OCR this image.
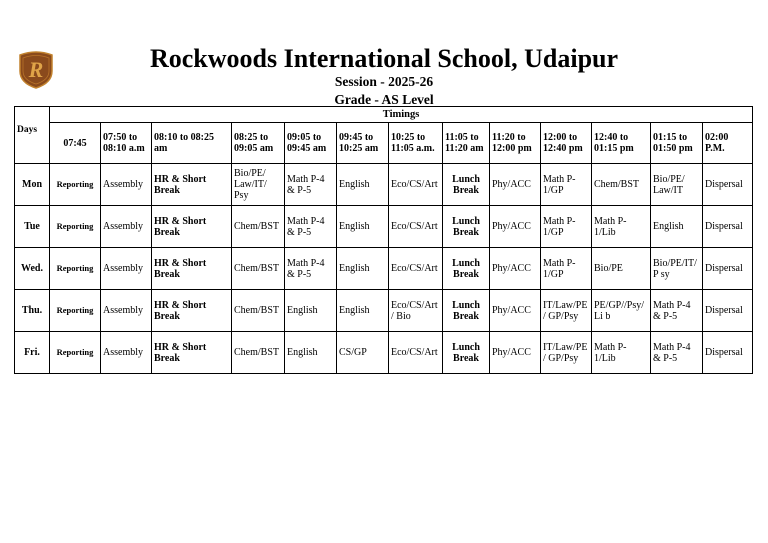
R	Rockwoods International School, Udaipur
Session - 2025-26
Grade - AS Level
Days	Timings												
	07:45	07:50 to 08:10 a.m	08:10 to 08:25 am	08:25 to 09:05 am	09:05 to 09:45 am	09:45 to 10:25 am	10:25 to 11:05 a.m.	11:05 to 11:20 am	11:20 to 12:00 pm	12:00 to 12:40 pm	12:40 to 01:15 pm	01:15 to 01:50 pm	02:00 P.M.
Mon	Reporting	Assembly	HR & Short Break	Bio/PE/ Law/IT/ Psy	Math P-4 & P-5	English	Eco/CS/Art	Lunch Break	Phy/ACC	Math P-1/GP	Chem/BST	Bio/PE/ Law/IT	Dispersal
Tue	Reporting	Assembly	HR & Short Break	Chem/BST	Math P-4 & P-5	English	Eco/CS/Art	Lunch Break	Phy/ACC	Math P-1/GP	Math P-1/Lib	English	Dispersal
Wed.	Reporting	Assembly	HR & Short Break	Chem/BST	Math P-4 & P-5	English	Eco/CS/Art	Lunch Break	Phy/ACC	Math P-1/GP	Bio/PE	Bio/PE/IT/P sy	Dispersal
Thu.	Reporting	Assembly	HR & Short Break	Chem/BST	English	English	Eco/CS/Art/ Bio	Lunch Break	Phy/ACC	IT/Law/PE/ GP/Psy	PE/GP//Psy/Li b	Math P-4 & P-5	Dispersal
Fri.	Reporting	Assembly	HR & Short Break	Chem/BST	English	CS/GP	Eco/CS/Art	Lunch Break	Phy/ACC	IT/Law/PE/ GP/Psy	Math P-1/Lib	Math P-4 & P-5	Dispersal
